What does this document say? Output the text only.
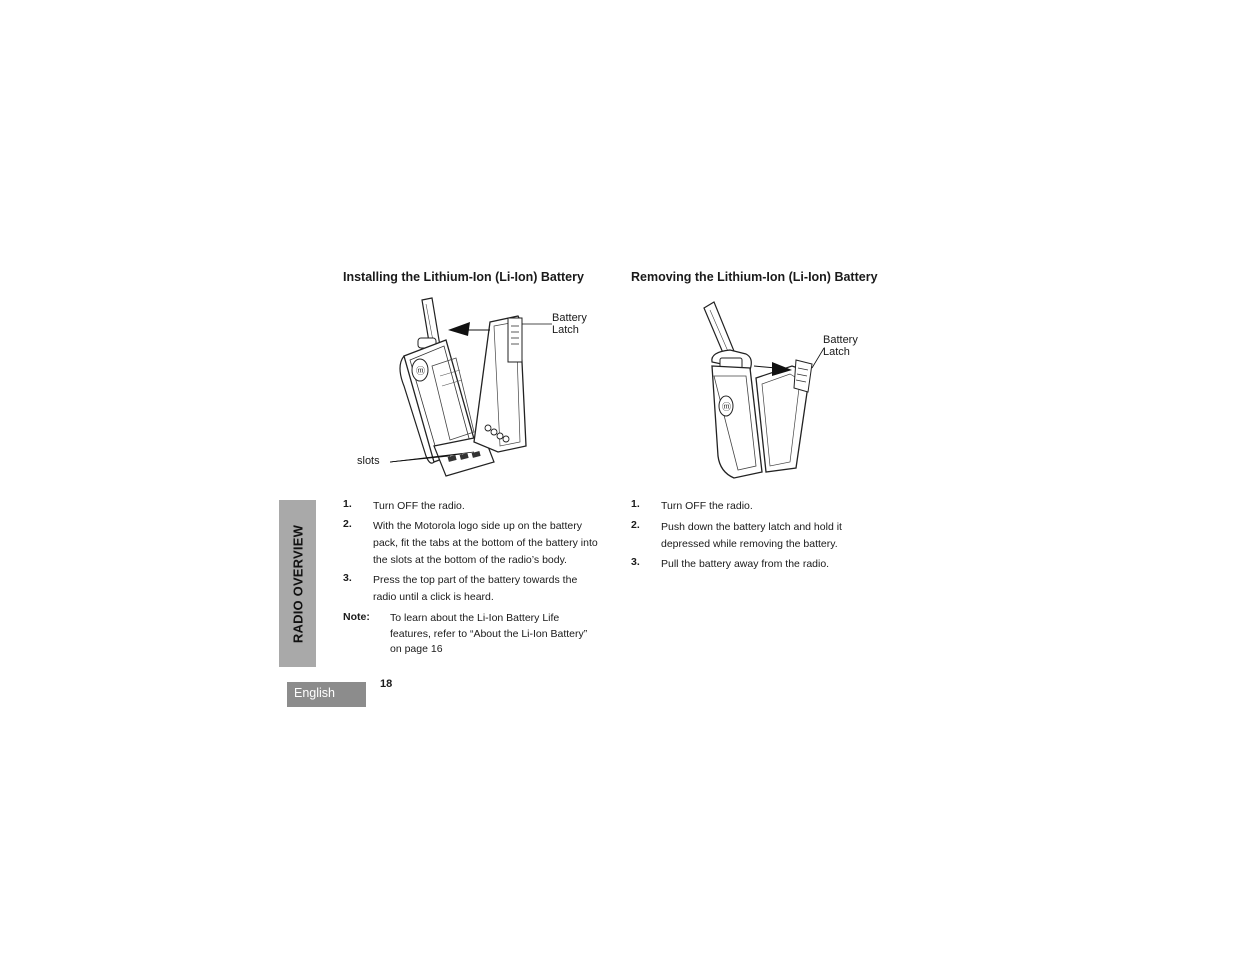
Installing the Lithium-Ion (Li-Ion) Battery	Removing the Lithium-Ion (Li-Ion) Battery
ⓜ
Battery
Latch
slots
ⓜ
Battery
Latch
1.	Turn OFF the radio.
2.	With the Motorola logo side up on the battery pack, fit the tabs at the bottom of the battery into the slots at the bottom of the radio’s body.
3.	Press the top part of the battery towards the radio until a click is heard.
Note:	To learn about the Li-Ion Battery Life features, refer to “About the Li-Ion Battery” on page 16
1.	Turn OFF the radio.
2.	Push down the battery latch and hold it depressed while removing the battery.
3.	Pull the battery away from the radio.
RADIO OVERVIEW
English
18
